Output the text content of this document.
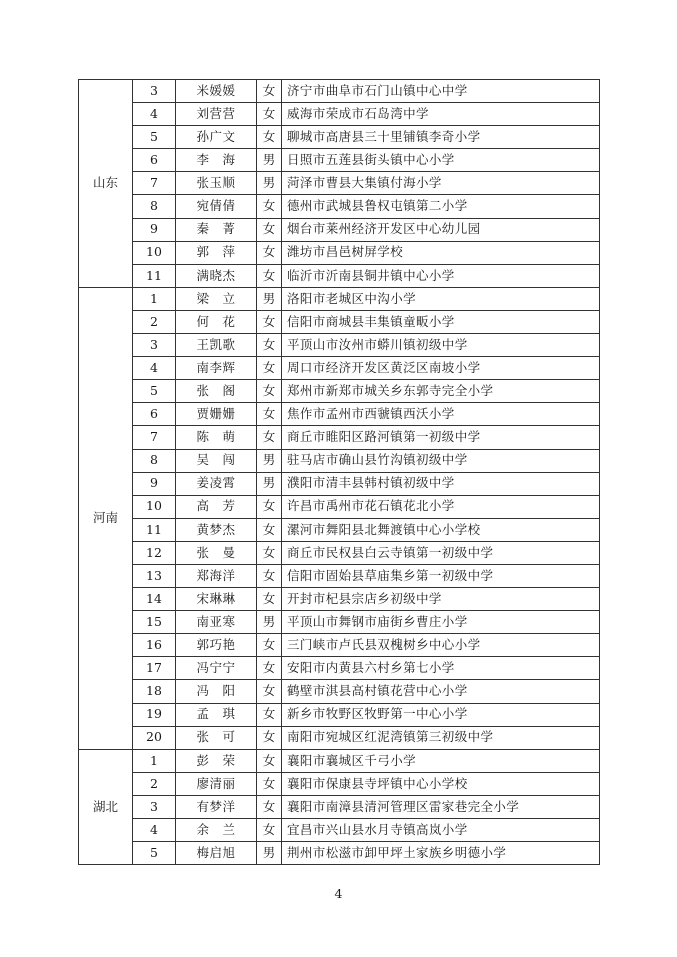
山东	3	米媛媛	女	济宁市曲阜市石门山镇中心中学
	4	刘营营	女	威海市荣成市石岛湾中学
	5	孙广文	女	聊城市高唐县三十里铺镇李奇小学
	6	李　海	男	日照市五莲县街头镇中心小学
	7	张玉顺	男	菏泽市曹县大集镇付海小学
	8	宛倩倩	女	德州市武城县鲁权屯镇第二小学
	9	秦　菁	女	烟台市莱州经济开发区中心幼儿园
	10	郭　萍	女	潍坊市昌邑树屏学校
	11	满晓杰	女	临沂市沂南县铜井镇中心小学
河南	1	梁　立	男	洛阳市老城区中沟小学
	2	何　花	女	信阳市商城县丰集镇童畈小学
	3	王凯歌	女	平顶山市汝州市蟒川镇初级中学
	4	南李辉	女	周口市经济开发区黄泛区南坡小学
	5	张　阁	女	郑州市新郑市城关乡东郭寺完全小学
	6	贾姗姗	女	焦作市孟州市西虢镇西沃小学
	7	陈　萌	女	商丘市睢阳区路河镇第一初级中学
	8	吴　闯	男	驻马店市确山县竹沟镇初级中学
	9	姜凌霄	男	濮阳市清丰县韩村镇初级中学
	10	高　芳	女	许昌市禹州市花石镇花北小学
	11	黄梦杰	女	漯河市舞阳县北舞渡镇中心小学校
	12	张　曼	女	商丘市民权县白云寺镇第一初级中学
	13	郑海洋	女	信阳市固始县草庙集乡第一初级中学
	14	宋琳琳	女	开封市杞县宗店乡初级中学
	15	南亚寒	男	平顶山市舞钢市庙街乡曹庄小学
	16	郭巧艳	女	三门峡市卢氏县双槐树乡中心小学
	17	冯宁宁	女	安阳市内黄县六村乡第七小学
	18	冯　阳	女	鹤壁市淇县高村镇花营中心小学
	19	孟　琪	女	新乡市牧野区牧野第一中心小学
	20	张　可	女	南阳市宛城区红泥湾镇第三初级中学
湖北	1	彭　荣	女	襄阳市襄城区千弓小学
	2	廖清丽	女	襄阳市保康县寺坪镇中心小学校
	3	有梦洋	女	襄阳市南漳县清河管理区雷家巷完全小学
	4	余　兰	女	宜昌市兴山县水月寺镇高岚小学
	5	梅启旭	男	荆州市松滋市卸甲坪土家族乡明德小学
4
